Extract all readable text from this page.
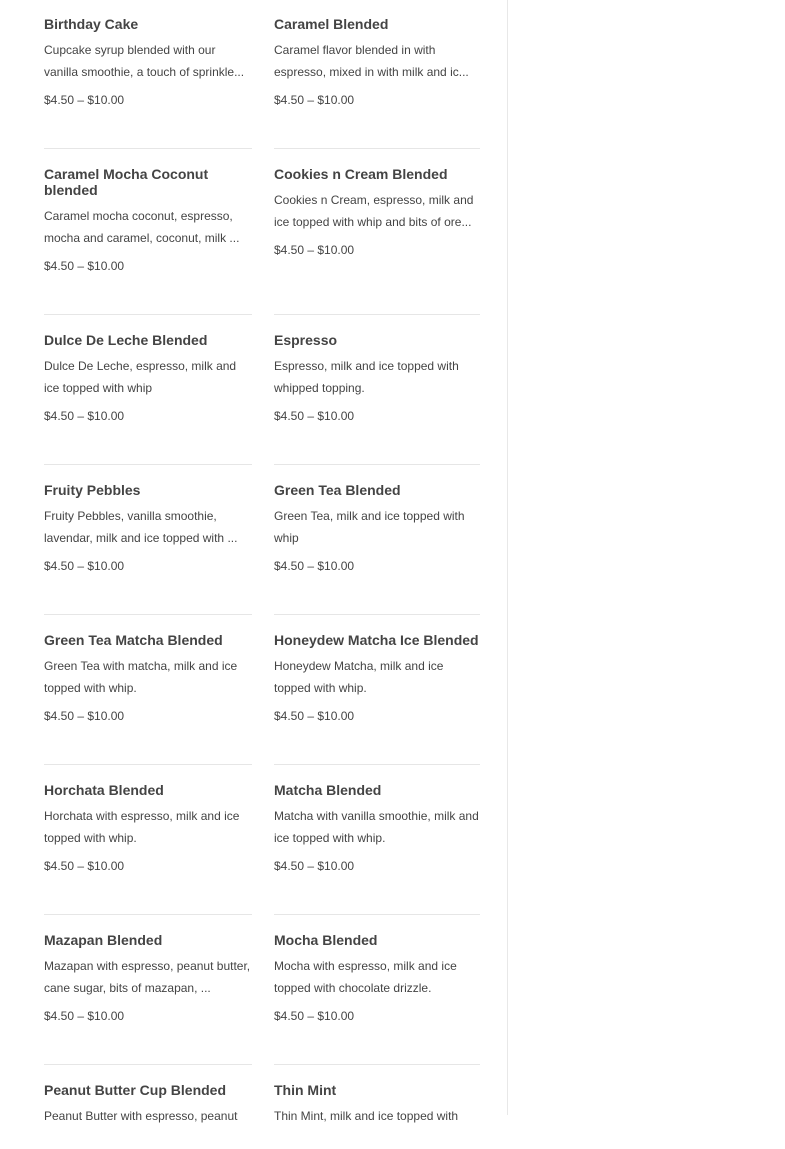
Birthday Cake
Cupcake syrup blended with our vanilla smoothie, a touch of sprinkle...
$4.50 – $10.00
Caramel Blended
Caramel flavor blended in with espresso, mixed in with milk and ic...
$4.50 – $10.00
Caramel Mocha Coconut blended
Caramel mocha coconut, espresso, mocha and caramel, coconut, milk ...
$4.50 – $10.00
Cookies n Cream Blended
Cookies n Cream, espresso, milk and ice topped with whip and bits of ore...
$4.50 – $10.00
Dulce De Leche Blended
Dulce De Leche, espresso, milk and ice topped with whip
$4.50 – $10.00
Espresso
Espresso, milk and ice topped with whipped topping.
$4.50 – $10.00
Fruity Pebbles
Fruity Pebbles, vanilla smoothie, lavendar, milk and ice topped with ...
$4.50 – $10.00
Green Tea Blended
Green Tea, milk and ice topped with whip
$4.50 – $10.00
Green Tea Matcha Blended
Green Tea with matcha, milk and ice topped with whip.
$4.50 – $10.00
Honeydew Matcha Ice Blended
Honeydew Matcha, milk and ice topped with whip.
$4.50 – $10.00
Horchata Blended
Horchata with espresso, milk and ice topped with whip.
$4.50 – $10.00
Matcha Blended
Matcha with vanilla smoothie, milk and ice topped with whip.
$4.50 – $10.00
Mazapan Blended
Mazapan with espresso, peanut butter, cane sugar, bits of mazapan, ...
$4.50 – $10.00
Mocha Blended
Mocha with espresso, milk and ice topped with chocolate drizzle.
$4.50 – $10.00
Peanut Butter Cup Blended
Peanut Butter with espresso, peanut
Thin Mint
Thin Mint, milk and ice topped with
